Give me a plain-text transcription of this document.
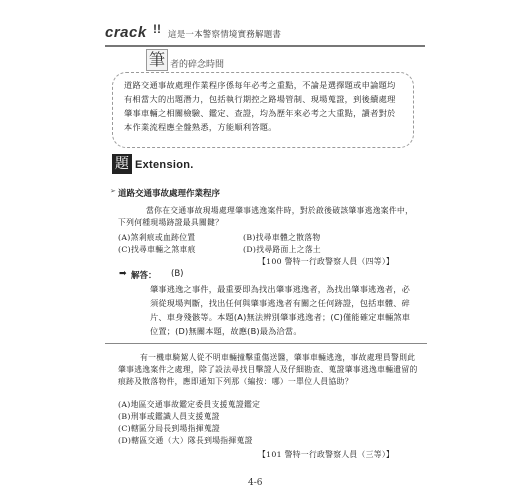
crack !! 這是一本警察情境實務解題書
筆 者的碎念時間
道路交通事故處理作業程序係每年必考之重點，不論是選擇題或申論題均有相當大的出題潛力，包括執行期控之路場管制、現場蒐證，到後續處理肇事車輛之相關檢驗、鑑定、查證，均為歷年來必考之大重點，讀者對於本作業流程應全盤熟悉，方能順利答題。
題 Extension.
➢ 道路交通事故處理作業程序
當你在交通事故現場處理肇事逃逸案件時，對於啟後破該肇事逃逸案件中，下列何種現場跡證最具關鍵？
(A)煞剎痕或血跡位置	(B)找尋車體之散落物
(C)找尋車輛之煞車痕	(D)找尋路面上之落土
【100 警特一行政警察人員（四等）】
➡ 解答： (B)
肇事逃逸之事件，最重要即為找出肇事逃逸者，為找出肇事逃逸者，必須從現場判斷，找出任何與肇事逃逸者有關之任何跡證，包括車體、碎片、車身殘骸等。本題(A)無法辨別肇事逃逸者；(C)僅能確定車輛煞車位置；(D)無關本題，故應(B)最為洽當。
有一機車騎駕人從不明車輛撞擊重傷送醫，肇事車輛逃逸，事故處理員警則此肇事逃逸案件之處理，除了設法尋找目擊證人及仔細勘查、蒐證肇事逃逸車輛遺留的痕跡及散落物件，應即通知下列那（編按：哪）一單位人員協助？
(A)地區交通事故鑑定委員支援蒐證鑑定
(B)刑事或鑑識人員支援蒐證
(C)轄區分局長到場指揮蒐證
(D)轄區交通（大）隊長到場指揮蒐證
【101 警特一行政警察人員（三等）】
4-6
